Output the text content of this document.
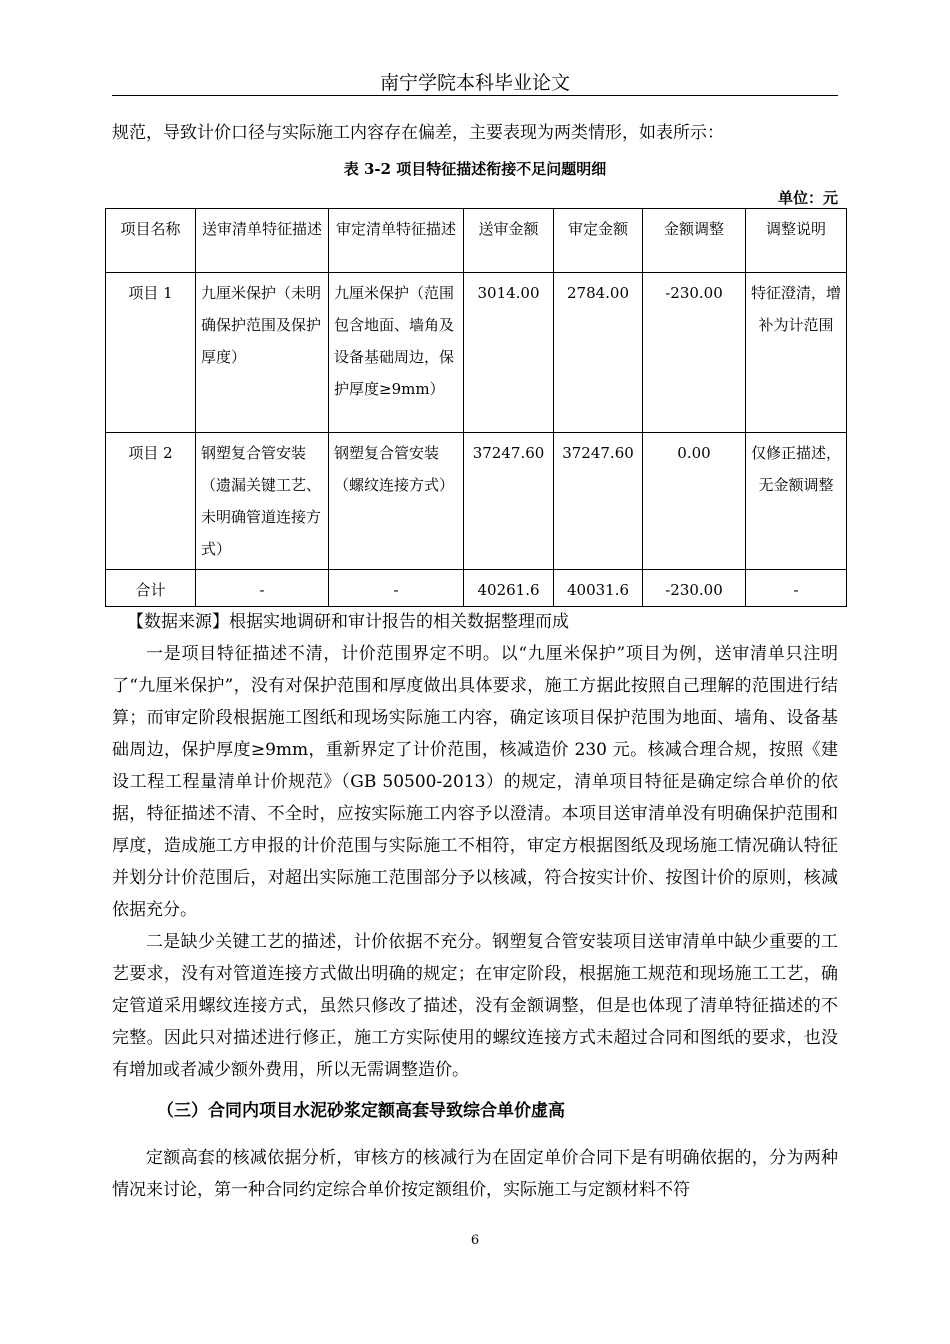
南宁学院本科毕业论文

规范，导致计价口径与实际施工内容存在偏差，主要表现为两类情形，如表所示：

表 3-2 项目特征描述衔接不足问题明细
单位：元
项目名称	送审清单特征描述	审定清单特征描述	送审金额	审定金额	金额调整	调整说明
项目 1	九厘米保护（未明确保护范围及保护厚度）	九厘米保护（范围包含地面、墙角及设备基础周边，保护厚度≥9mm）	3014.00	2784.00	-230.00	特征澄清，增补为计范围
项目 2	钢塑复合管安装（遗漏关键工艺、未明确管道连接方式）	钢塑复合管安装（螺纹连接方式）	37247.60	37247.60	0.00	仅修正描述，无金额调整
合计	-	-	40261.6	40031.6	-230.00	-
【数据来源】根据实地调研和审计报告的相关数据整理而成

一是项目特征描述不清，计价范围界定不明。以“九厘米保护”项目为例，送审清单只注明了“九厘米保护”，没有对保护范围和厚度做出具体要求，施工方据此按照自己理解的范围进行结算；而审定阶段根据施工图纸和现场实际施工内容，确定该项目保护范围为地面、墙角、设备基础周边，保护厚度≥9mm，重新界定了计价范围，核减造价 230 元。核减合理合规，按照《建设工程工程量清单计价规范》（GB 50500-2013）的规定，清单项目特征是确定综合单价的依据，特征描述不清、不全时，应按实际施工内容予以澄清。本项目送审清单没有明确保护范围和厚度，造成施工方申报的计价范围与实际施工不相符，审定方根据图纸及现场施工情况确认特征并划分计价范围后，对超出实际施工范围部分予以核减，符合按实计价、按图计价的原则，核减依据充分。

二是缺少关键工艺的描述，计价依据不充分。钢塑复合管安装项目送审清单中缺少重要的工艺要求，没有对管道连接方式做出明确的规定；在审定阶段，根据施工规范和现场施工工艺，确定管道采用螺纹连接方式，虽然只修改了描述，没有金额调整，但是也体现了清单特征描述的不完整。因此只对描述进行修正，施工方实际使用的螺纹连接方式未超过合同和图纸的要求，也没有增加或者减少额外费用，所以无需调整造价。

（三）合同内项目水泥砂浆定额高套导致综合单价虚高

定额高套的核减依据分析，审核方的核减行为在固定单价合同下是有明确依据的，分为两种情况来讨论，第一种合同约定综合单价按定额组价，实际施工与定额材料不符

6
